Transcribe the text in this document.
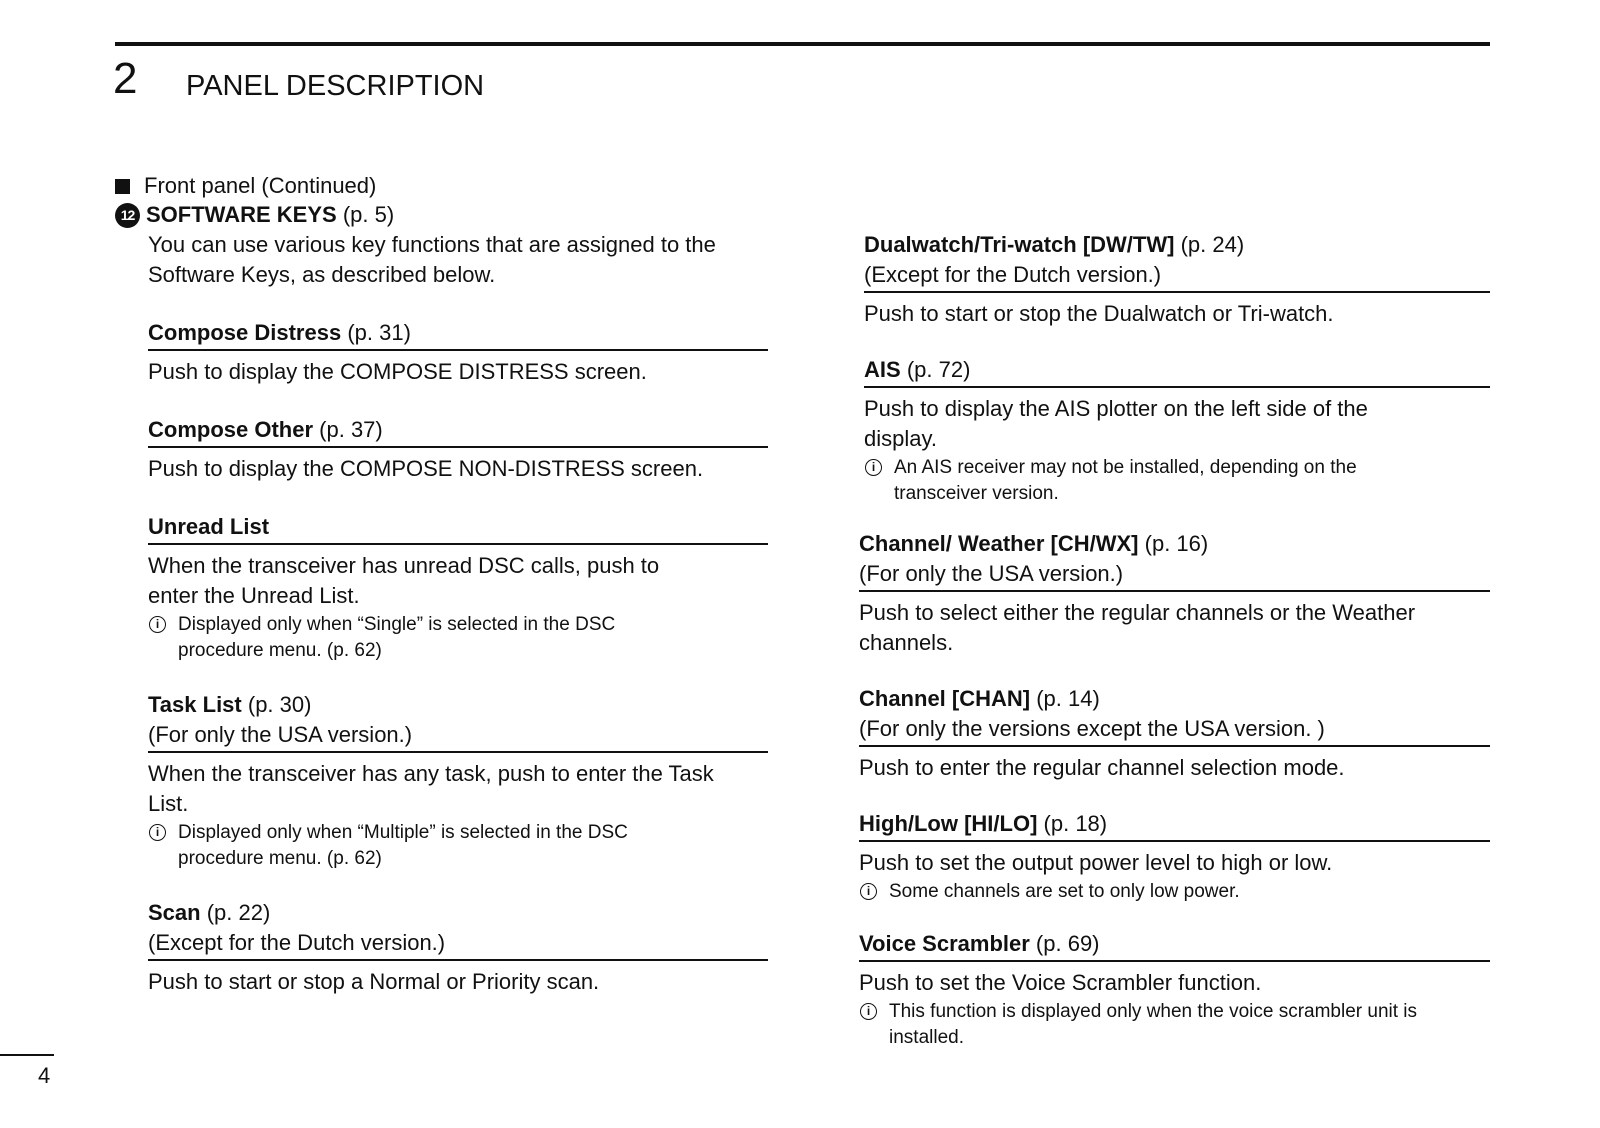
2 PANEL DESCRIPTION
Front panel (Continued)
12 SOFTWARE KEYS
(p. 5)
You can use various key functions that are assigned to the Software Keys, as described below.
Compose Distress (p. 31)
Push to display the COMPOSE DISTRESS screen.
Compose Other (p. 37)
Push to display the COMPOSE NON-DISTRESS screen.
Unread List
When the transceiver has unread DSC calls, push to enter the Unread List.
i Displayed only when “Single” is selected in the DSC procedure menu. (p. 62)
Task List (p. 30)
(For only the USA version.)
When the transceiver has any task, push to enter the Task List.
i Displayed only when “Multiple” is selected in the DSC procedure menu. (p. 62)
Scan (p. 22)
(Except for the Dutch version.)
Push to start or stop a Normal or Priority scan.
Dualwatch/Tri-watch [DW/TW] (p. 24)
(Except for the Dutch version.)
Push to start or stop the Dualwatch or Tri-watch.
AIS (p. 72)
Push to display the AIS plotter on the left side of the display.
i An AIS receiver may not be installed, depending on the transceiver version.
Channel/ Weather [CH/WX] (p. 16)
(For only the USA version.)
Push to select either the regular channels or the Weather channels.
Channel [CHAN] (p. 14)
(For only the versions except the USA version. )
Push to enter the regular channel selection mode.
High/Low [HI/LO] (p. 18)
Push to set the output power level to high or low.
i Some channels are set to only low power.
Voice Scrambler (p. 69)
Push to set the Voice Scrambler function.
i This function is displayed only when the voice scrambler unit is installed.
4
